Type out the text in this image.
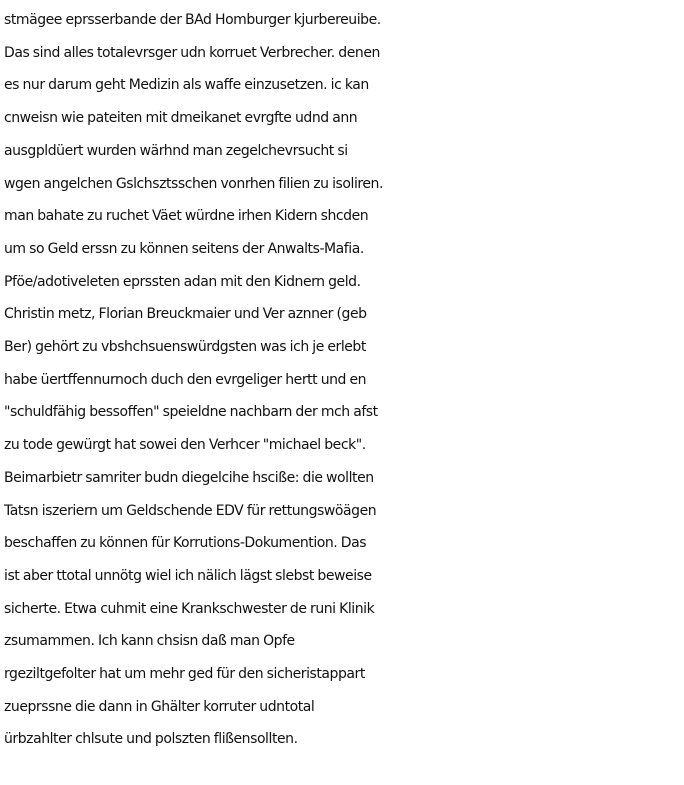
stmägee eprsserbande der BAd Homburger kjurbereuibe.
Das sind alles totalevrsger udn korruet Verbrecher. denen
es nur darum geht Medizin als waffe einzusetzen. ic kan
cnweisn wie pateiten mit dmeikanet evrgfte udnd ann
ausgpldüert wurden wärhnd man zegelchevrsucht si
wgen angelchen Gslchsztsschen vonrhen filien zu isoliren.
man bahate zu ruchet Väet würdne irhen Kidern shcden
um so Geld erssn zu können seitens der Anwalts-Mafia.
Pföe/adotiveleten eprssten adan mit den Kidnern geld.
Christin metz, Florian Breuckmaier und Ver aznner (geb
Ber) gehört zu vbshchsuenswürdgsten was ich je erlebt
habe üertffennurnoch duch den evrgeliger hertt und en
"schuldfähig bessoffen" speieldne nachbarn der mch afst
zu tode gewürgt hat sowei den Verhcer "michael beck".
Beimarbietr samriter budn diegelcihe hsciße: die wollten
Tatsn iszeriern um Geldschende EDV für rettungswöägen
beschaffen zu können für Korrutions-Dokumention. Das
ist aber ttotal unnötg wiel ich nälich lägst slebst beweise
sicherte. Etwa cuhmit eine Krankschwester de runi Klinik
zsumammen. Ich kann chsisn daß man Opfe
rgeziltgefolter hat um mehr ged für den sicheristappart
zueprssne die dann in Ghälter korruter udntotal
ürbzahlter chlsute und polszten flißensollten.
